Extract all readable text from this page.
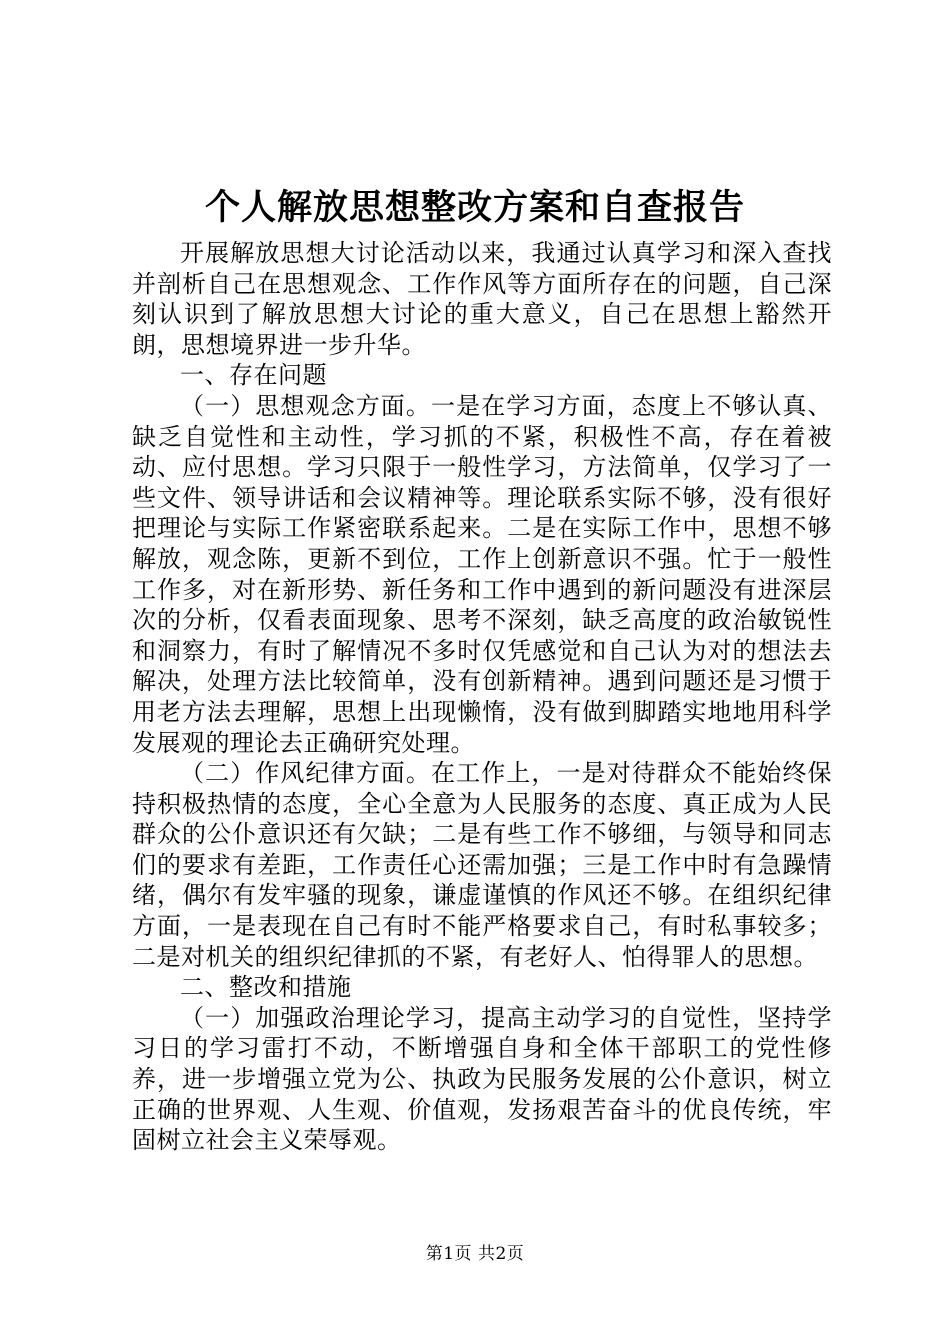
个人解放思想整改方案和自查报告

开展解放思想大讨论活动以来，我通过认真学习和深入查找并剖析自己在思想观念、工作作风等方面所存在的问题，自己深刻认识到了解放思想大讨论的重大意义，自己在思想上豁然开朗，思想境界进一步升华。

一、存在问题

（一）思想观念方面。一是在学习方面，态度上不够认真、缺乏自觉性和主动性，学习抓的不紧，积极性不高，存在着被动、应付思想。学习只限于一般性学习，方法简单，仅学习了一些文件、领导讲话和会议精神等。理论联系实际不够，没有很好把理论与实际工作紧密联系起来。二是在实际工作中，思想不够解放，观念陈，更新不到位，工作上创新意识不强。忙于一般性工作多，对在新形势、新任务和工作中遇到的新问题没有进深层次的分析，仅看表面现象、思考不深刻，缺乏高度的政治敏锐性和洞察力，有时了解情况不多时仅凭感觉和自己认为对的想法去解决，处理方法比较简单，没有创新精神。遇到问题还是习惯于用老方法去理解，思想上出现懒惰，没有做到脚踏实地地用科学发展观的理论去正确研究处理。

（二）作风纪律方面。在工作上，一是对待群众不能始终保持积极热情的态度，全心全意为人民服务的态度、真正成为人民群众的公仆意识还有欠缺；二是有些工作不够细，与领导和同志们的要求有差距，工作责任心还需加强；三是工作中时有急躁情绪，偶尔有发牢骚的现象，谦虚谨慎的作风还不够。在组织纪律方面，一是表现在自己有时不能严格要求自己，有时私事较多；二是对机关的组织纪律抓的不紧，有老好人、怕得罪人的思想。

二、整改和措施

（一）加强政治理论学习，提高主动学习的自觉性，坚持学习日的学习雷打不动，不断增强自身和全体干部职工的党性修养，进一步增强立党为公、执政为民服务发展的公仆意识，树立正确的世界观、人生观、价值观，发扬艰苦奋斗的优良传统，牢固树立社会主义荣辱观。

第1页 共2页
